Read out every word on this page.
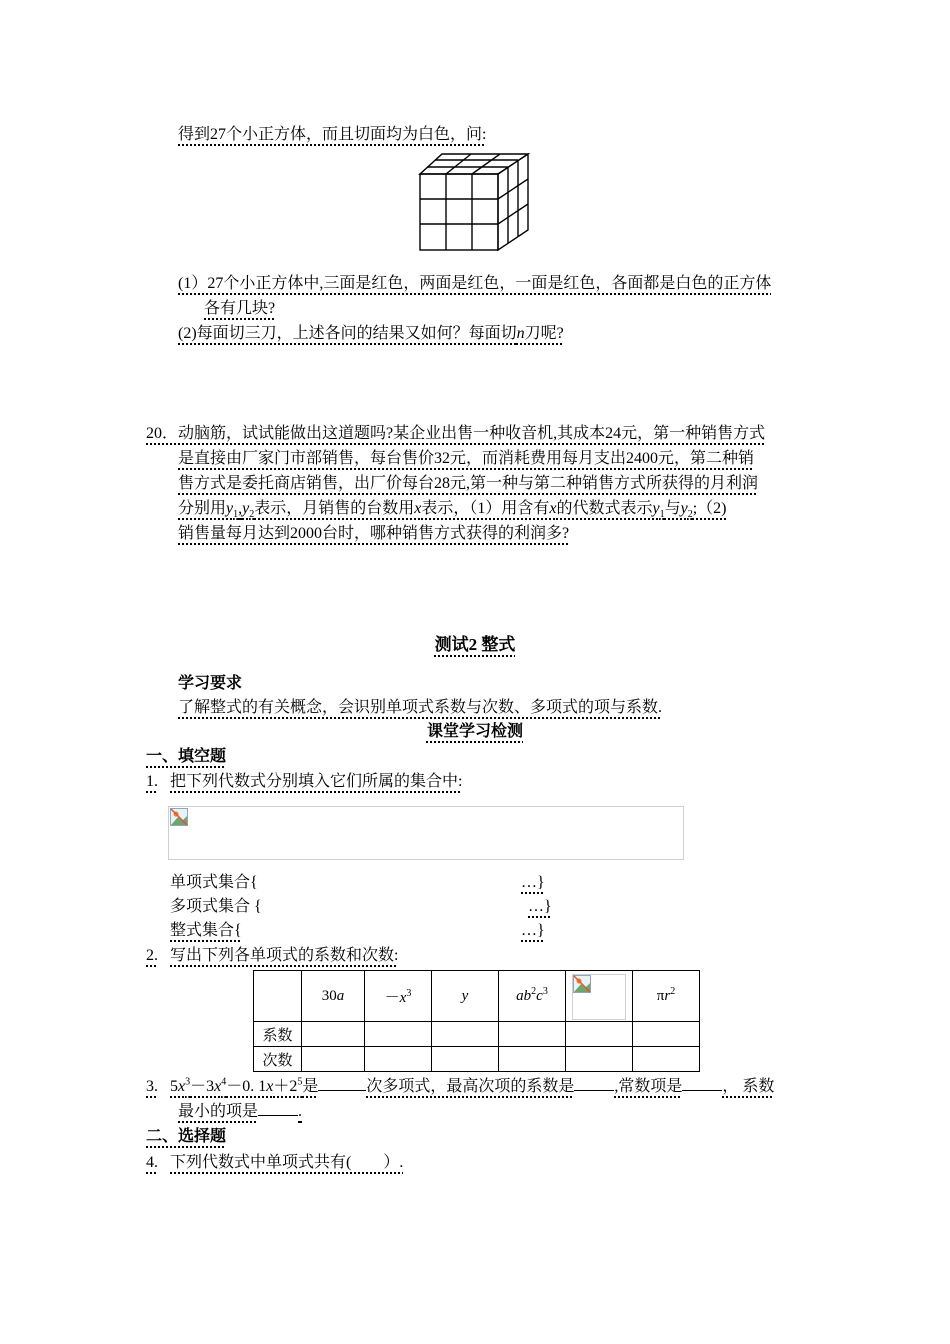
得到27个小正方体，而且切面均为白色，问:
(1）27个小正方体中,三面是红色，两面是红色，一面是红色，各面都是白色的正方体
各有几块?
(2)每面切三刀，上述各问的结果又如何？每面切n刀呢?
20． 动脑筋，试试能做出这道题吗?某企业出售一种收音机,其成本24元，第一种销售方式
是直接由厂家门市部销售，每台售价32元，而消耗费用每月支出2400元，第二种销
售方式是委托商店销售，出厂价每台28元,第一种与第二种销售方式所获得的月利润
分别用$y_1,y_2$表示，月销售的台数用x表示，（1）用含有x的代数式表示$y_1$与$y_2;(2)$
销售量每月达到2000台时，哪种销售方式获得的利润多?
测试2 整式
学习要求
了解整式的有关概念，会识别单项式系数与次数、多项式的项与系数.
课堂学习检测
一、填空题
1. 把下列代数式分别填入它们所属的集合中:
单项式集合{	…}
多项式集合 {	…}
整式集合{	…}
2. 写出下列各单项式的系数和次数:
	30a	$-x^3$	y	$ab^2c^3$		$\pi r^2$
系数						
次数						
3. $5x^3-3x^4-0$. $1x+2^5$是	次多项式，最高次项的系数是	,常数项是	， 系数
最小的项是	.
二、选择题
4. 下列代数式中单项式共有(　　）.
